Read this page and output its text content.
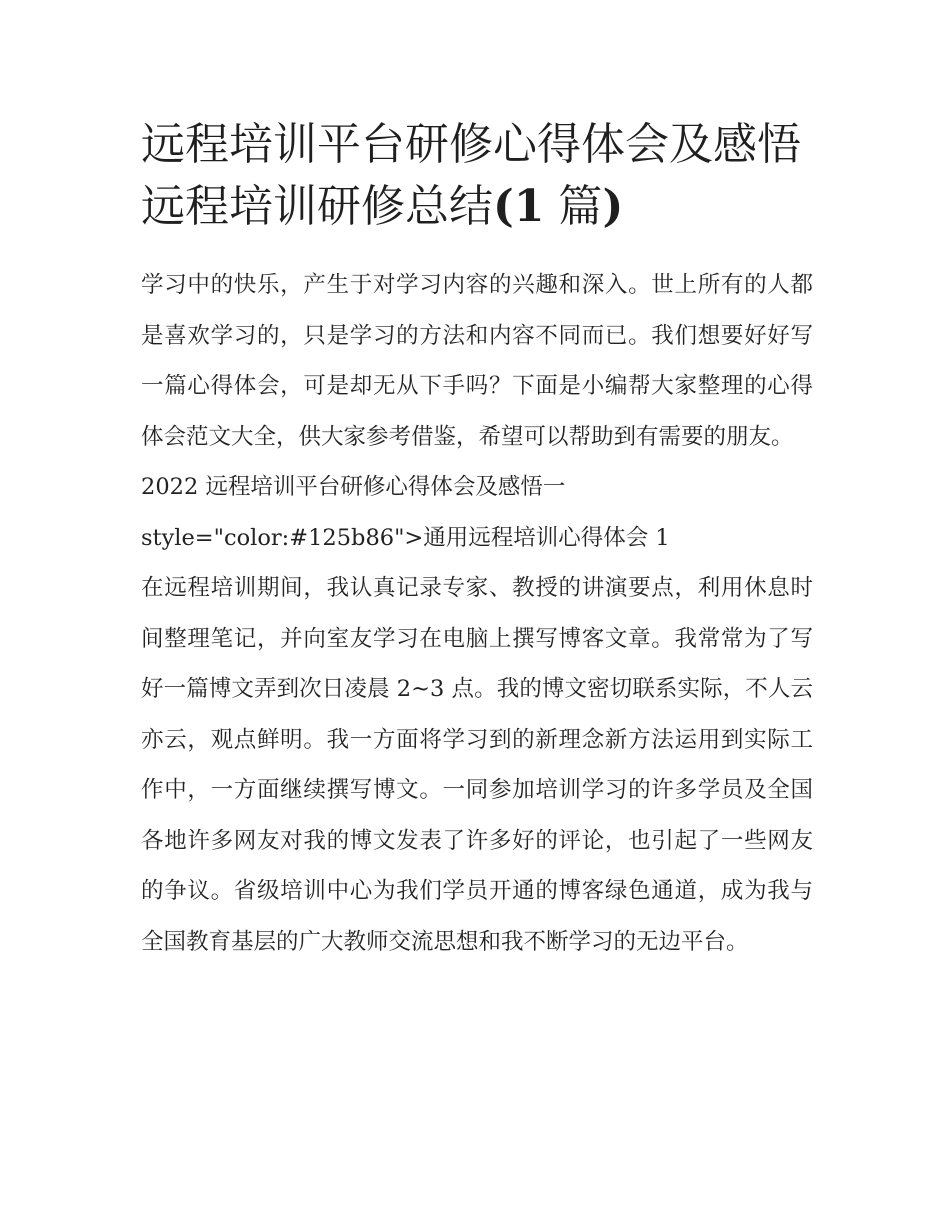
远程培训平台研修心得体会及感悟 远程培训研修总结(1 篇)

学习中的快乐，产生于对学习内容的兴趣和深入。世上所有的人都是喜欢学习的，只是学习的方法和内容不同而已。我们想要好好写一篇心得体会，可是却无从下手吗？下面是小编帮大家整理的心得体会范文大全，供大家参考借鉴，希望可以帮助到有需要的朋友。

2022 远程培训平台研修心得体会及感悟一

style="color:#125b86">通用远程培训心得体会 1

在远程培训期间，我认真记录专家、教授的讲演要点，利用休息时间整理笔记，并向室友学习在电脑上撰写博客文章。我常常为了写好一篇博文弄到次日凌晨 2~3 点。我的博文密切联系实际，不人云亦云，观点鲜明。我一方面将学习到的新理念新方法运用到实际工作中，一方面继续撰写博文。一同参加培训学习的许多学员及全国各地许多网友对我的博文发表了许多好的评论，也引起了一些网友的争议。省级培训中心为我们学员开通的博客绿色通道，成为我与全国教育基层的广大教师交流思想和我不断学习的无边平台。
